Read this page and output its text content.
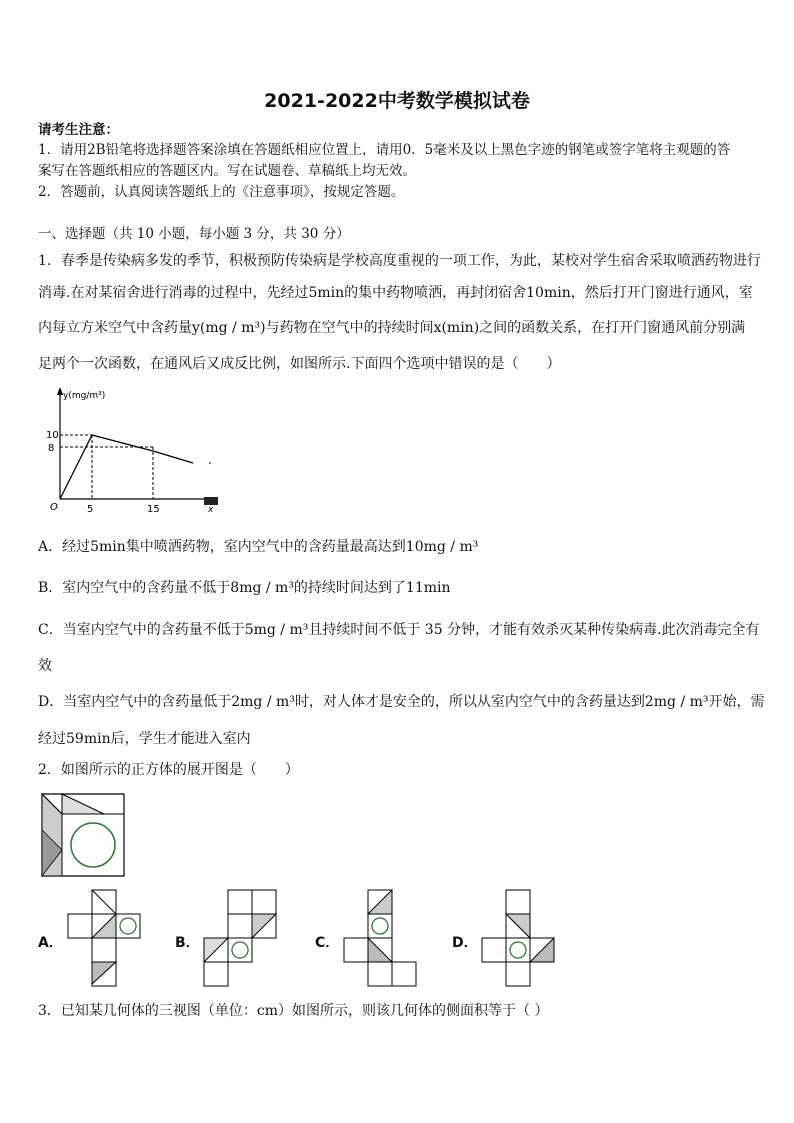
2021-2022中考数学模拟试卷
请考生注意：
1．请用2B铅笔将选择题答案涂填在答题纸相应位置上，请用0．5毫米及以上黑色字迹的钢笔或签字笔将主观题的答
案写在答题纸相应的答题区内。写在试题卷、草稿纸上均无效。
2．答题前，认真阅读答题纸上的《注意事项》，按规定答题。
一、选择题（共 10 小题，每小题 3 分，共 30 分）
1．春季是传染病多发的季节，积极预防传染病是学校高度重视的一项工作，为此，某校对学生宿舍采取喷洒药物进行
消毒.在对某宿舍进行消毒的过程中，先经过5min的集中药物喷洒，再封闭宿舍10min，然后打开门窗进行通风，室
内每立方米空气中含药量y(mg / m³)与药物在空气中的持续时间x(min)之间的函数关系，在打开门窗通风前分别满
足两个一次函数，在通风后又成反比例，如图所示.下面四个选项中错误的是（　　）
y(mg/m³)
O
10
8
5	15	x
A．经过5min集中喷洒药物，室内空气中的含药量最高达到10mg / m³
B．室内空气中的含药量不低于8mg / m³的持续时间达到了11min
C．当室内空气中的含药量不低于5mg / m³且持续时间不低于 35 分钟，才能有效杀灭某种传染病毒.此次消毒完全有
效
D．当室内空气中的含药量低于2mg / m³时，对人体才是安全的，所以从室内空气中的含药量达到2mg / m³开始，需
经过59min后，学生才能进入室内
2．如图所示的正方体的展开图是（　　）
A．	B．	C．	D．
3．已知某几何体的三视图（单位：cm）如图所示，则该几何体的侧面积等于（ ）
